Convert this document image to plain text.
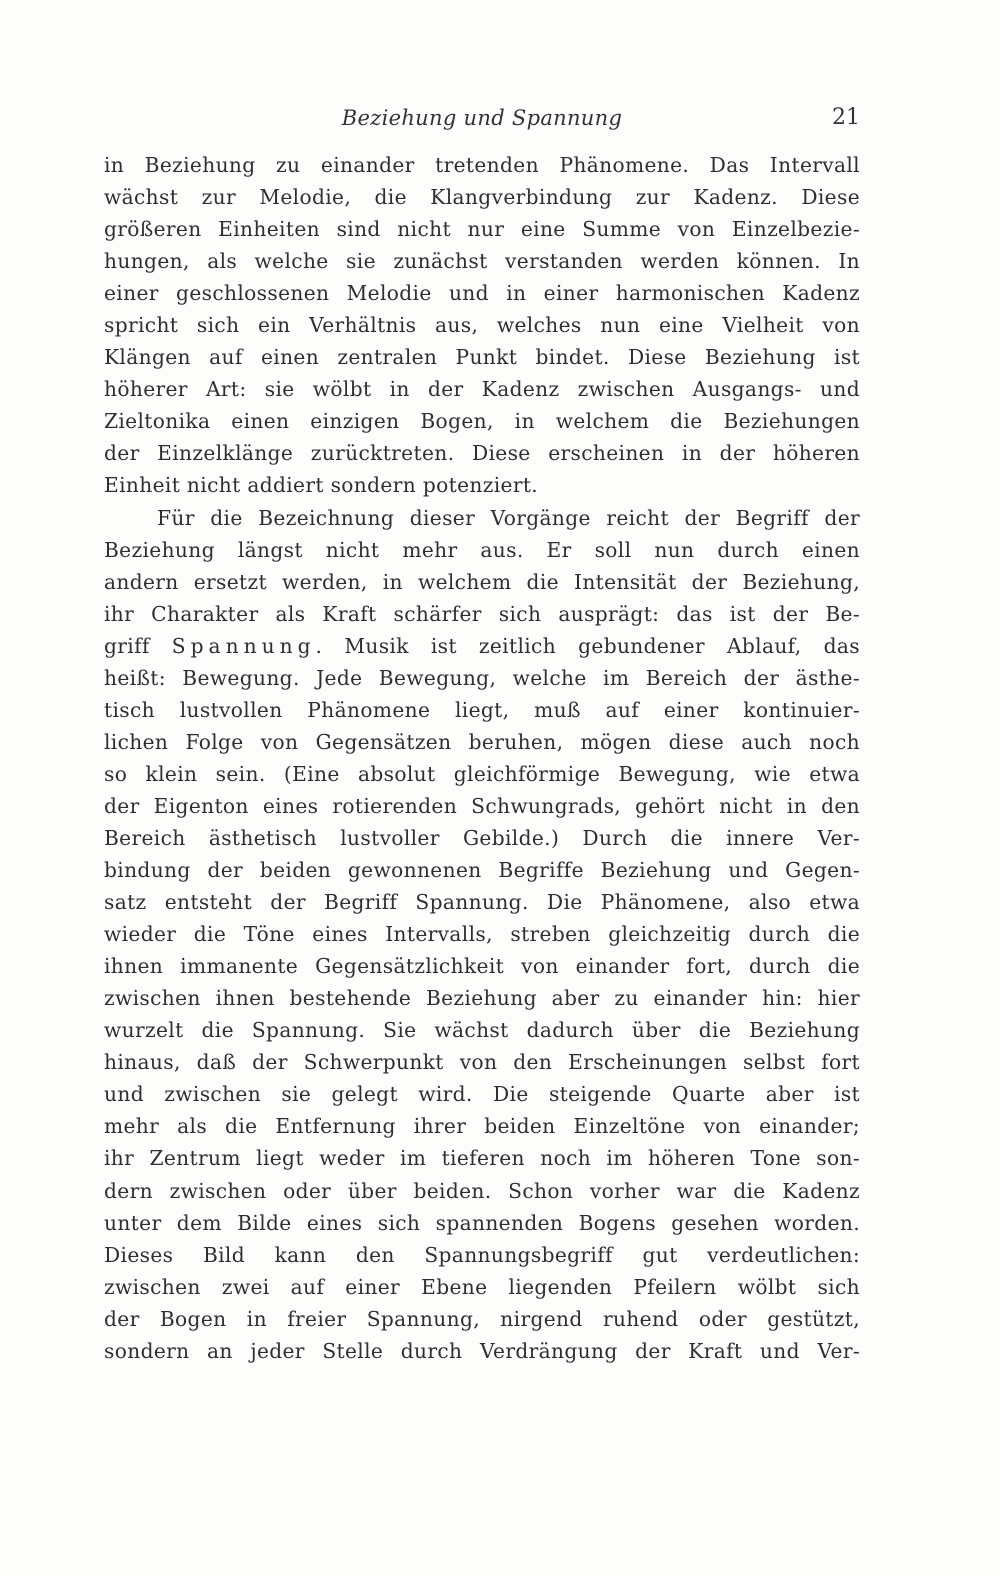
Beziehung und Spannung	21
in Beziehung zu einander tretenden Phänomene. Das Intervall
wächst zur Melodie, die Klangverbindung zur Kadenz. Diese
größeren Einheiten sind nicht nur eine Summe von Einzelbezie-
hungen, als welche sie zunächst verstanden werden können. In
einer geschlossenen Melodie und in einer harmonischen Kadenz
spricht sich ein Verhältnis aus, welches nun eine Vielheit von
Klängen auf einen zentralen Punkt bindet. Diese Beziehung ist
höherer Art: sie wölbt in der Kadenz zwischen Ausgangs- und
Zieltonika einen einzigen Bogen, in welchem die Beziehungen
der Einzelklänge zurücktreten. Diese erscheinen in der höheren
Einheit nicht addiert sondern potenziert.
Für die Bezeichnung dieser Vorgänge reicht der Begriff der
Beziehung längst nicht mehr aus. Er soll nun durch einen
andern ersetzt werden, in welchem die Intensität der Beziehung,
ihr Charakter als Kraft schärfer sich ausprägt: das ist der Be-
griff Spannung. Musik ist zeitlich gebundener Ablauf, das
heißt: Bewegung. Jede Bewegung, welche im Bereich der ästhe-
tisch lustvollen Phänomene liegt, muß auf einer kontinuier-
lichen Folge von Gegensätzen beruhen, mögen diese auch noch
so klein sein. (Eine absolut gleichförmige Bewegung, wie etwa
der Eigenton eines rotierenden Schwungrads, gehört nicht in den
Bereich ästhetisch lustvoller Gebilde.) Durch die innere Ver-
bindung der beiden gewonnenen Begriffe Beziehung und Gegen-
satz entsteht der Begriff Spannung. Die Phänomene, also etwa
wieder die Töne eines Intervalls, streben gleichzeitig durch die
ihnen immanente Gegensätzlichkeit von einander fort, durch die
zwischen ihnen bestehende Beziehung aber zu einander hin: hier
wurzelt die Spannung. Sie wächst dadurch über die Beziehung
hinaus, daß der Schwerpunkt von den Erscheinungen selbst fort
und zwischen sie gelegt wird. Die steigende Quarte aber ist
mehr als die Entfernung ihrer beiden Einzeltöne von einander;
ihr Zentrum liegt weder im tieferen noch im höheren Tone son-
dern zwischen oder über beiden. Schon vorher war die Kadenz
unter dem Bilde eines sich spannenden Bogens gesehen worden.
Dieses Bild kann den Spannungsbegriff gut verdeutlichen:
zwischen zwei auf einer Ebene liegenden Pfeilern wölbt sich
der Bogen in freier Spannung, nirgend ruhend oder gestützt,
sondern an jeder Stelle durch Verdrängung der Kraft und Ver-
